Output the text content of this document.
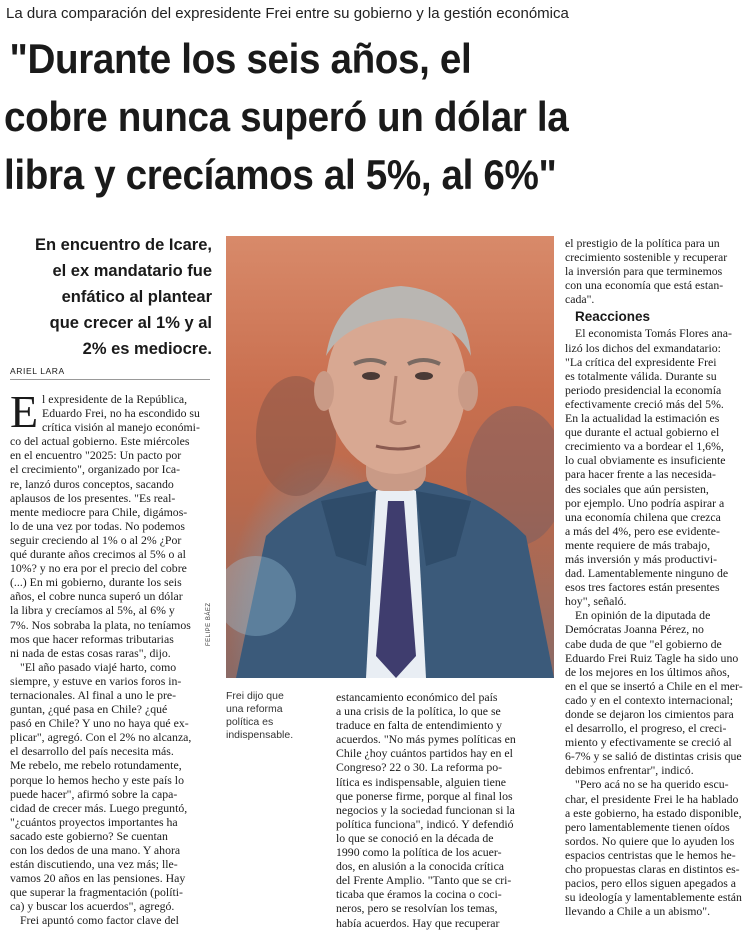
La dura comparación del expresidente Frei entre su gobierno y la gestión económica
"Durante los seis años, el
cobre nunca superó un dólar la
libra y crecíamos al 5%, al 6%"

En encuentro de Icare,
el ex mandatario fue
enfático al plantear
que crecer al 1% y al
2% es mediocre.

ARIEL LARA
E l expresidente de la República,
Eduardo Frei, no ha escondido su
crítica visión al manejo económi-
co del actual gobierno. Este miércoles
en el encuentro "2025: Un pacto por
el crecimiento", organizado por Ica-
re, lanzó duros conceptos, sacando
aplausos de los presentes. "Es real-
mente mediocre para Chile, digámos-
lo de una vez por todas. No podemos
seguir creciendo al 1% o al 2% ¿Por
qué durante años crecimos al 5% o al
10%? y no era por el precio del cobre
(...) En mi gobierno, durante los seis
años, el cobre nunca superó un dólar
la libra y crecíamos al 5%, al 6% y
7%. Nos sobraba la plata, no teníamos
mos que hacer reformas tributarias
ni nada de estas cosas raras", dijo.
"El año pasado viajé harto, como
siempre, y estuve en varios foros in-
ternacionales. Al final a uno le pre-
guntan, ¿qué pasa en Chile? ¿qué
pasó en Chile? Y uno no haya qué ex-
plicar", agregó. Con el 2% no alcanza,
el desarrollo del país necesita más.
Me rebelo, me rebelo rotundamente,
porque lo hemos hecho y este país lo
puede hacer", afirmó sobre la capa-
cidad de crecer más. Luego preguntó,
"¿cuántos proyectos importantes ha
sacado este gobierno? Se cuentan
con los dedos de una mano. Y ahora
están discutiendo, una vez más; lle-
vamos 20 años en las pensiones. Hay
que superar la fragmentación (políti-
ca) y buscar los acuerdos", agregó.
Frei apuntó como factor clave del
FELIPE BÁEZ
Frei dijo que
una reforma
política es
indispensable.
estancamiento económico del país
a una crisis de la política, lo que se
traduce en falta de entendimiento y
acuerdos. "No más pymes políticas en
Chile ¿hoy cuántos partidos hay en el
Congreso? 22 o 30. La reforma po-
lítica es indispensable, alguien tiene
que ponerse firme, porque al final los
negocios y la sociedad funcionan si la
política funciona", indicó. Y defendió
lo que se conoció en la década de
1990 como la política de los acuer-
dos, en alusión a la conocida crítica
del Frente Amplio. "Tanto que se cri-
ticaba que éramos la cocina o coci-
neros, pero se resolvían los temas,
había acuerdos. Hay que recuperar
el prestigio de la política para un
crecimiento sostenible y recuperar
la inversión para que terminemos
con una economía que está estan-
cada".
Reacciones
El economista Tomás Flores ana-
lizó los dichos del exmandatario:
"La crítica del expresidente Frei
es totalmente válida. Durante su
periodo presidencial la economía
efectivamente creció más del 5%.
En la actualidad la estimación es
que durante el actual gobierno el
crecimiento va a bordear el 1,6%,
lo cual obviamente es insuficiente
para hacer frente a las necesida-
des sociales que aún persisten,
por ejemplo. Uno podría aspirar a
una economía chilena que crezca
a más del 4%, pero ese evidente-
mente requiere de más trabajo,
más inversión y más productivi-
dad. Lamentablemente ninguno de
esos tres factores están presentes
hoy", señaló.
En opinión de la diputada de
Demócratas Joanna Pérez, no
cabe duda de que "el gobierno de
Eduardo Frei Ruiz Tagle ha sido uno
de los mejores en los últimos años,
en el que se insertó a Chile en el mer-
cado y en el contexto internacional;
donde se dejaron los cimientos para
el desarrollo, el progreso, el creci-
miento y efectivamente se creció al
6-7% y se salió de distintas crisis que
debimos enfrentar", indicó.
"Pero acá no se ha querido escu-
char, el presidente Frei le ha hablado
a este gobierno, ha estado disponible,
pero lamentablemente tienen oídos
sordos. No quiere que lo ayuden los
espacios centristas que le hemos he-
cho propuestas claras en distintos es-
pacios, pero ellos siguen apegados a
su ideología y lamentablemente están
llevando a Chile a un abismo".
